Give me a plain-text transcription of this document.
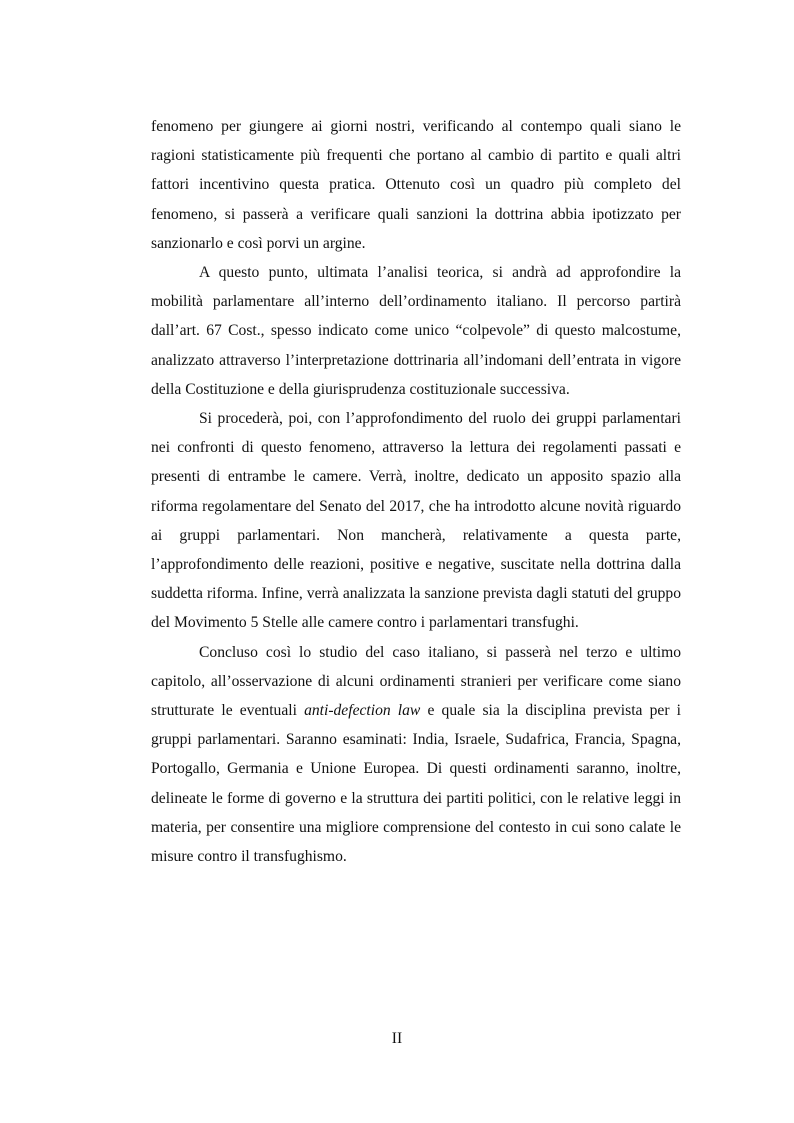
fenomeno per giungere ai giorni nostri, verificando al contempo quali siano le ragioni statisticamente più frequenti che portano al cambio di partito e quali altri fattori incentivino questa pratica. Ottenuto così un quadro più completo del fenomeno, si passerà a verificare quali sanzioni la dottrina abbia ipotizzato per sanzionarlo e così porvi un argine.

A questo punto, ultimata l’analisi teorica, si andrà ad approfondire la mobilità parlamentare all’interno dell’ordinamento italiano. Il percorso partirà dall’art. 67 Cost., spesso indicato come unico “colpevole” di questo malcostume, analizzato attraverso l’interpretazione dottrinaria all’indomani dell’entrata in vigore della Costituzione e della giurisprudenza costituzionale successiva.

Si procederà, poi, con l’approfondimento del ruolo dei gruppi parlamentari nei confronti di questo fenomeno, attraverso la lettura dei regolamenti passati e presenti di entrambe le camere. Verrà, inoltre, dedicato un apposito spazio alla riforma regolamentare del Senato del 2017, che ha introdotto alcune novità riguardo ai gruppi parlamentari. Non mancherà, relativamente a questa parte, l’approfondimento delle reazioni, positive e negative, suscitate nella dottrina dalla suddetta riforma. Infine, verrà analizzata la sanzione prevista dagli statuti del gruppo del Movimento 5 Stelle alle camere contro i parlamentari transfughi.

Concluso così lo studio del caso italiano, si passerà nel terzo e ultimo capitolo, all’osservazione di alcuni ordinamenti stranieri per verificare come siano strutturate le eventuali anti-defection law e quale sia la disciplina prevista per i gruppi parlamentari. Saranno esaminati: India, Israele, Sudafrica, Francia, Spagna, Portogallo, Germania e Unione Europea. Di questi ordinamenti saranno, inoltre, delineate le forme di governo e la struttura dei partiti politici, con le relative leggi in materia, per consentire una migliore comprensione del contesto in cui sono calate le misure contro il transfughismo.

II
